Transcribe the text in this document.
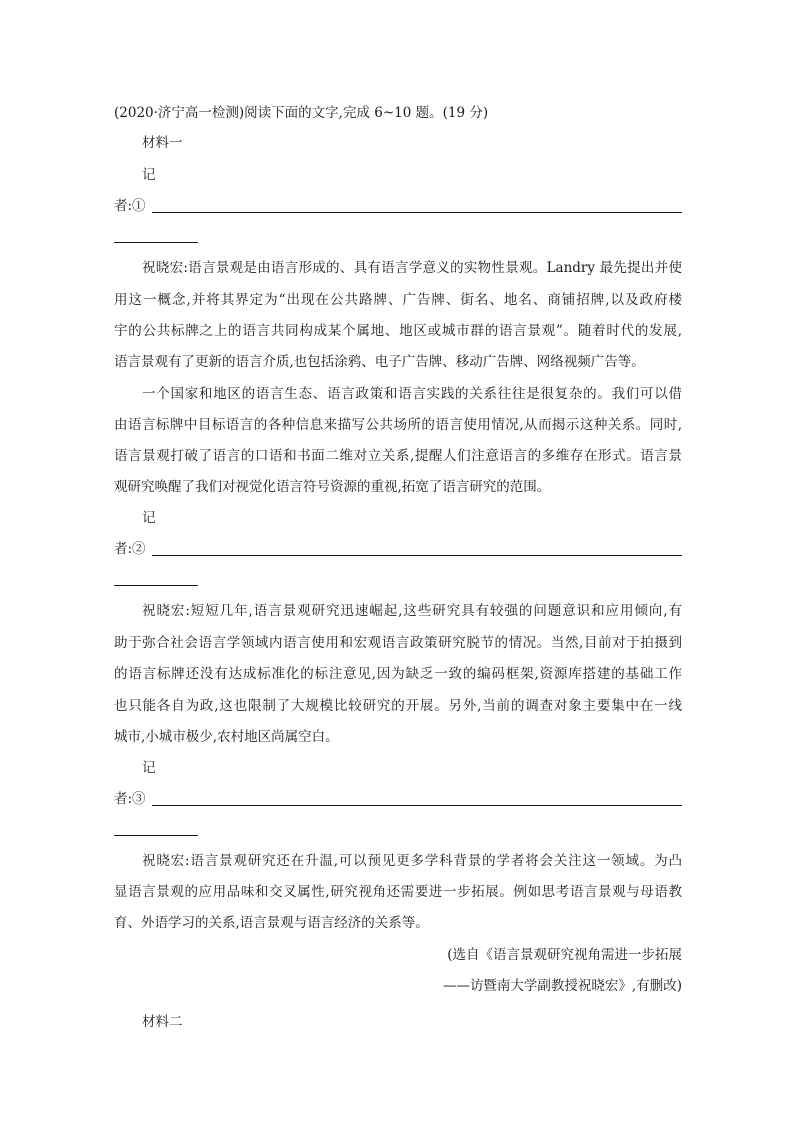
(2020·济宁高一检测)阅读下面的文字,完成 6~10 题。(19 分)
材料一
记
者:①
祝晓宏:语言景观是由语言形成的、具有语言学意义的实物性景观。Landry 最先提出并使
用这一概念,并将其界定为“出现在公共路牌、广告牌、街名、地名、商铺招牌,以及政府楼
宇的公共标牌之上的语言共同构成某个属地、地区或城市群的语言景观”。随着时代的发展,
语言景观有了更新的语言介质,也包括涂鸦、电子广告牌、移动广告牌、网络视频广告等。
一个国家和地区的语言生态、语言政策和语言实践的关系往往是很复杂的。我们可以借
由语言标牌中目标语言的各种信息来描写公共场所的语言使用情况,从而揭示这种关系。同时,
语言景观打破了语言的口语和书面二维对立关系,提醒人们注意语言的多维存在形式。语言景
观研究唤醒了我们对视觉化语言符号资源的重视,拓宽了语言研究的范围。
记
者:②
祝晓宏:短短几年,语言景观研究迅速崛起,这些研究具有较强的问题意识和应用倾向,有
助于弥合社会语言学领域内语言使用和宏观语言政策研究脱节的情况。当然,目前对于拍摄到
的语言标牌还没有达成标准化的标注意见,因为缺乏一致的编码框架,资源库搭建的基础工作
也只能各自为政,这也限制了大规模比较研究的开展。另外,当前的调查对象主要集中在一线
城市,小城市极少,农村地区尚属空白。
记
者:③
祝晓宏:语言景观研究还在升温,可以预见更多学科背景的学者将会关注这一领域。为凸
显语言景观的应用品味和交叉属性,研究视角还需要进一步拓展。例如思考语言景观与母语教
育、外语学习的关系,语言景观与语言经济的关系等。
(选自《语言景观研究视角需进一步拓展
——访暨南大学副教授祝晓宏》,有删改)
材料二
